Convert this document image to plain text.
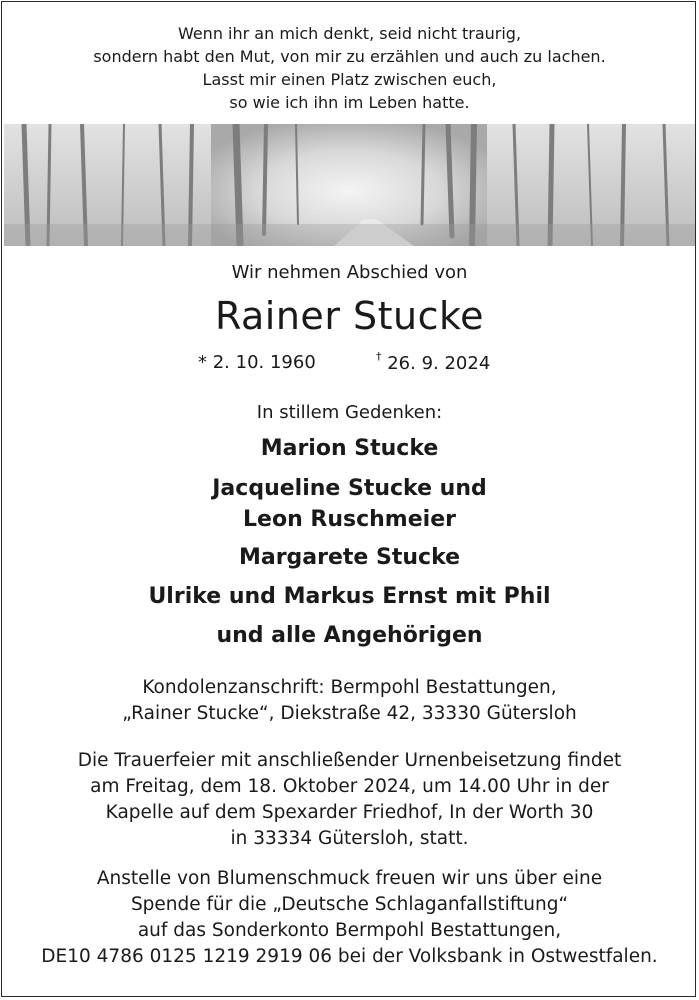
Wenn ihr an mich denkt, seid nicht traurig,
sondern habt den Mut, von mir zu erzählen und auch zu lachen.
Lasst mir einen Platz zwischen euch,
so wie ich ihn im Leben hatte.
Wir nehmen Abschied von
Rainer Stucke
* 2. 10. 1960	† 26. 9. 2024
In stillem Gedenken:
Marion Stucke
Jacqueline Stucke und
Leon Ruschmeier
Margarete Stucke
Ulrike und Markus Ernst mit Phil
und alle Angehörigen
Kondolenzanschrift: Bermpohl Bestattungen,
„Rainer Stucke“, Diekstraße 42, 33330 Gütersloh
Die Trauerfeier mit anschließender Urnenbeisetzung findet
am Freitag, dem 18. Oktober 2024, um 14.00 Uhr in der
Kapelle auf dem Spexarder Friedhof, In der Worth 30
in 33334 Gütersloh, statt.
Anstelle von Blumenschmuck freuen wir uns über eine
Spende für die „Deutsche Schlaganfallstiftung“
auf das Sonderkonto Bermpohl Bestattungen,
DE10 4786 0125 1219 2919 06 bei der Volksbank in Ostwestfalen.
